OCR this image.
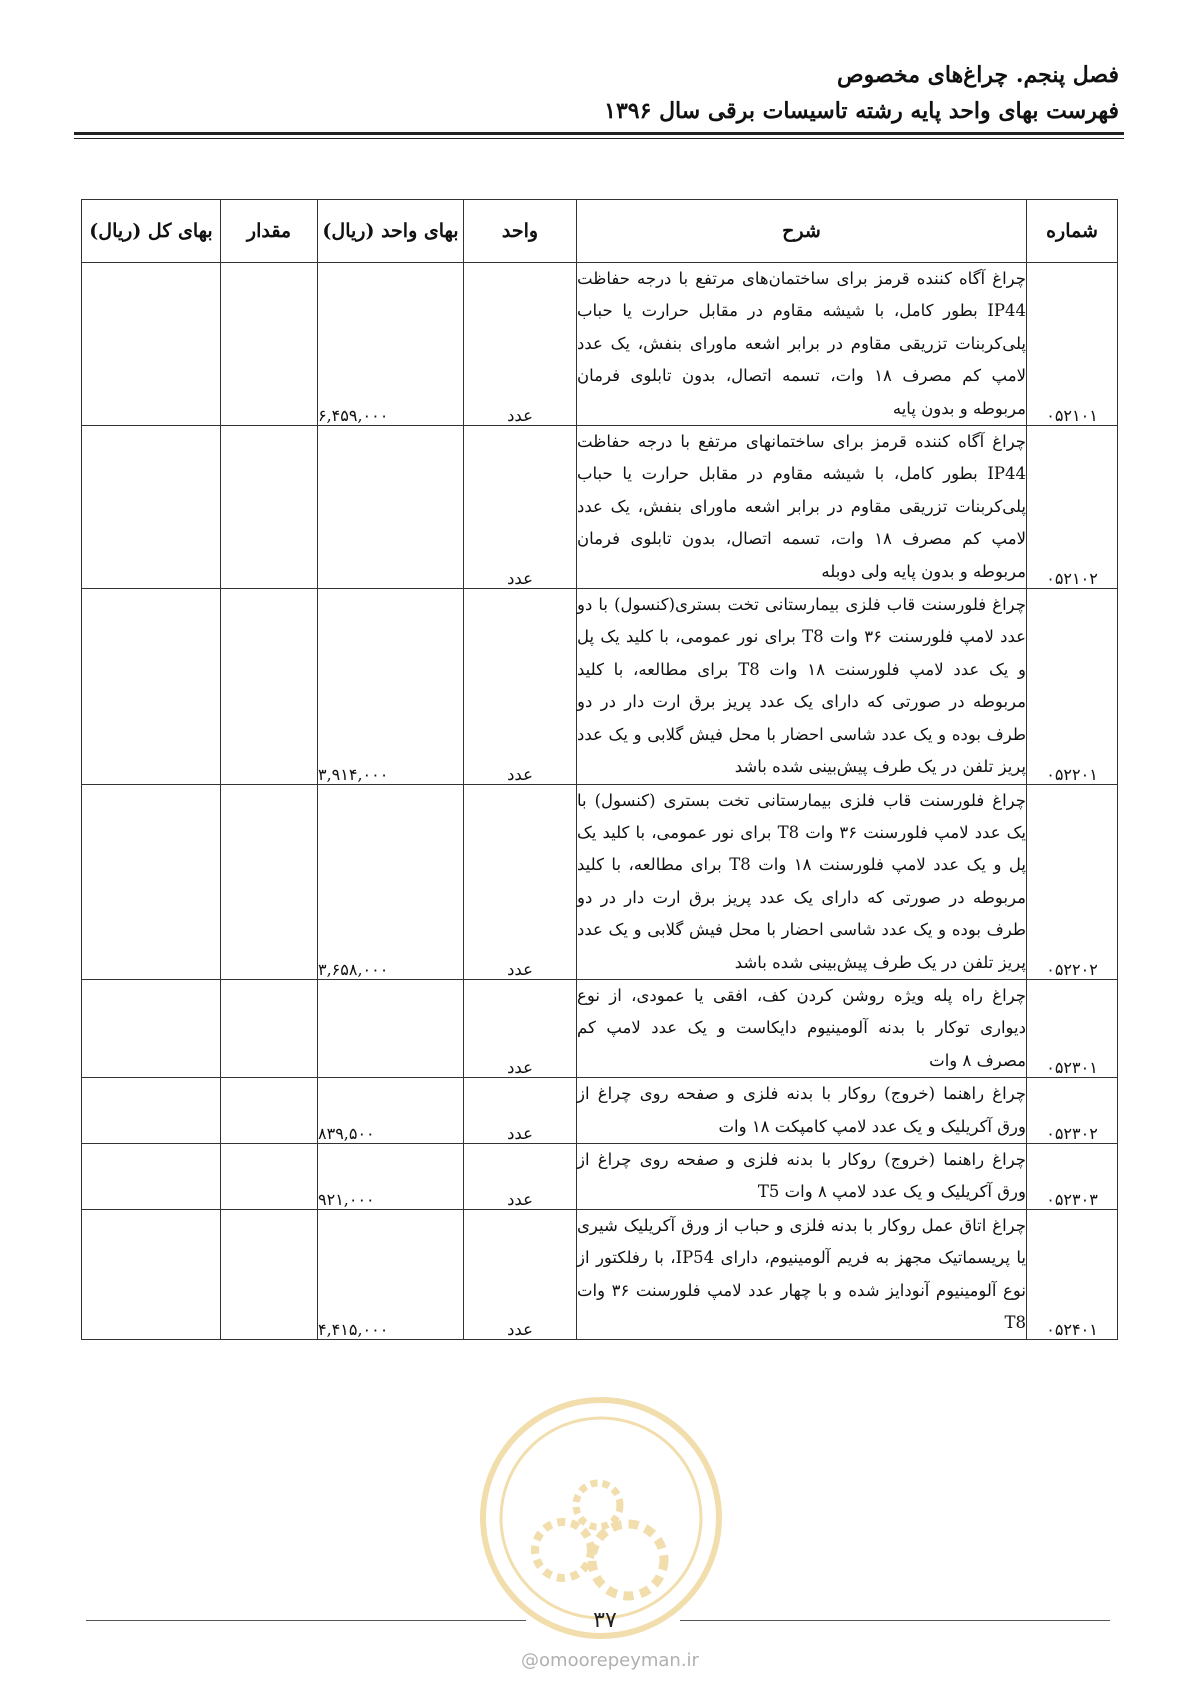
فصل پنجم. چراغ‌های مخصوص
فهرست بهای واحد پایه رشته تاسیسات برقی سال ۱۳۹۶
بهای کل (ریال)	مقدار	بهای واحد (ریال)	واحد	شرح	شماره
		۶,۴۵۹,۰۰۰	عدد	چراغ آگاه کننده قرمز برای ساختمان‌های مرتفع با درجه حفاظت IP44 بطور کامل، با شیشه مقاوم در مقابل حرارت یا حباب پلی‌کربنات تزریقی مقاوم در برابر اشعه ماورای بنفش، یک عدد لامپ کم مصرف ۱۸ وات، تسمه اتصال، بدون تابلوی فرمان مربوطه و بدون پایه	۰۵۲۱۰۱
			عدد	چراغ آگاه کننده قرمز برای ساختمانهای مرتفع با درجه حفاظت IP44 بطور کامل، با شیشه مقاوم در مقابل حرارت یا حباب پلی‌کربنات تزریقی مقاوم در برابر اشعه ماورای بنفش، یک عدد لامپ کم مصرف ۱۸ وات، تسمه اتصال، بدون تابلوی فرمان مربوطه و بدون پایه ولی دوبله	۰۵۲۱۰۲
		۳,۹۱۴,۰۰۰	عدد	چراغ فلورسنت قاب فلزی بیمارستانی تخت بستری(کنسول) با دو عدد لامپ فلورسنت ۳۶ وات T8 برای نور عمومی، با کلید یک پل و یک عدد لامپ فلورسنت ۱۸ وات T8 برای مطالعه، با کلید مربوطه در صورتی که دارای یک عدد پریز برق ارت دار در دو طرف بوده و یک عدد شاسی احضار با محل فیش گلابی و یک عدد پریز تلفن در یک طرف پیش‌بینی شده باشد	۰۵۲۲۰۱
		۳,۶۵۸,۰۰۰	عدد	چراغ فلورسنت قاب فلزی بیمارستانی تخت بستری (کنسول) با یک عدد لامپ فلورسنت ۳۶ وات T8 برای نور عمومی، با کلید یک پل و یک عدد لامپ فلورسنت ۱۸ وات T8 برای مطالعه، با کلید مربوطه در صورتی که دارای یک عدد پریز برق ارت دار در دو طرف بوده و یک عدد شاسی احضار با محل فیش گلابی و یک عدد پریز تلفن در یک طرف پیش‌بینی شده باشد	۰۵۲۲۰۲
			عدد	چراغ راه پله ویژه روشن کردن کف، افقی یا عمودی، از نوع دیواری توکار با بدنه آلومینیوم دایکاست و یک عدد لامپ کم مصرف ۸ وات	۰۵۲۳۰۱
		۸۳۹,۵۰۰	عدد	چراغ راهنما (خروج) روکار با بدنه فلزی و صفحه روی چراغ از ورق آکریلیک و یک عدد لامپ کامپکت ۱۸ وات	۰۵۲۳۰۲
		۹۲۱,۰۰۰	عدد	چراغ راهنما (خروج) روکار با بدنه فلزی و صفحه روی چراغ از ورق آکریلیک و یک عدد لامپ ۸ وات T5	۰۵۲۳۰۳
		۴,۴۱۵,۰۰۰	عدد	چراغ اتاق عمل روکار با بدنه فلزی و حباب از ورق آکریلیک شیری یا پریسماتیک مجهز به فریم آلومینیوم، دارای IP54، با رفلکتور از نوع آلومینیوم آنودایز شده و با چهار عدد لامپ فلورسنت ۳۶ وات T8	۰۵۲۴۰۱
۳۷
@omoorepeyman.ir
